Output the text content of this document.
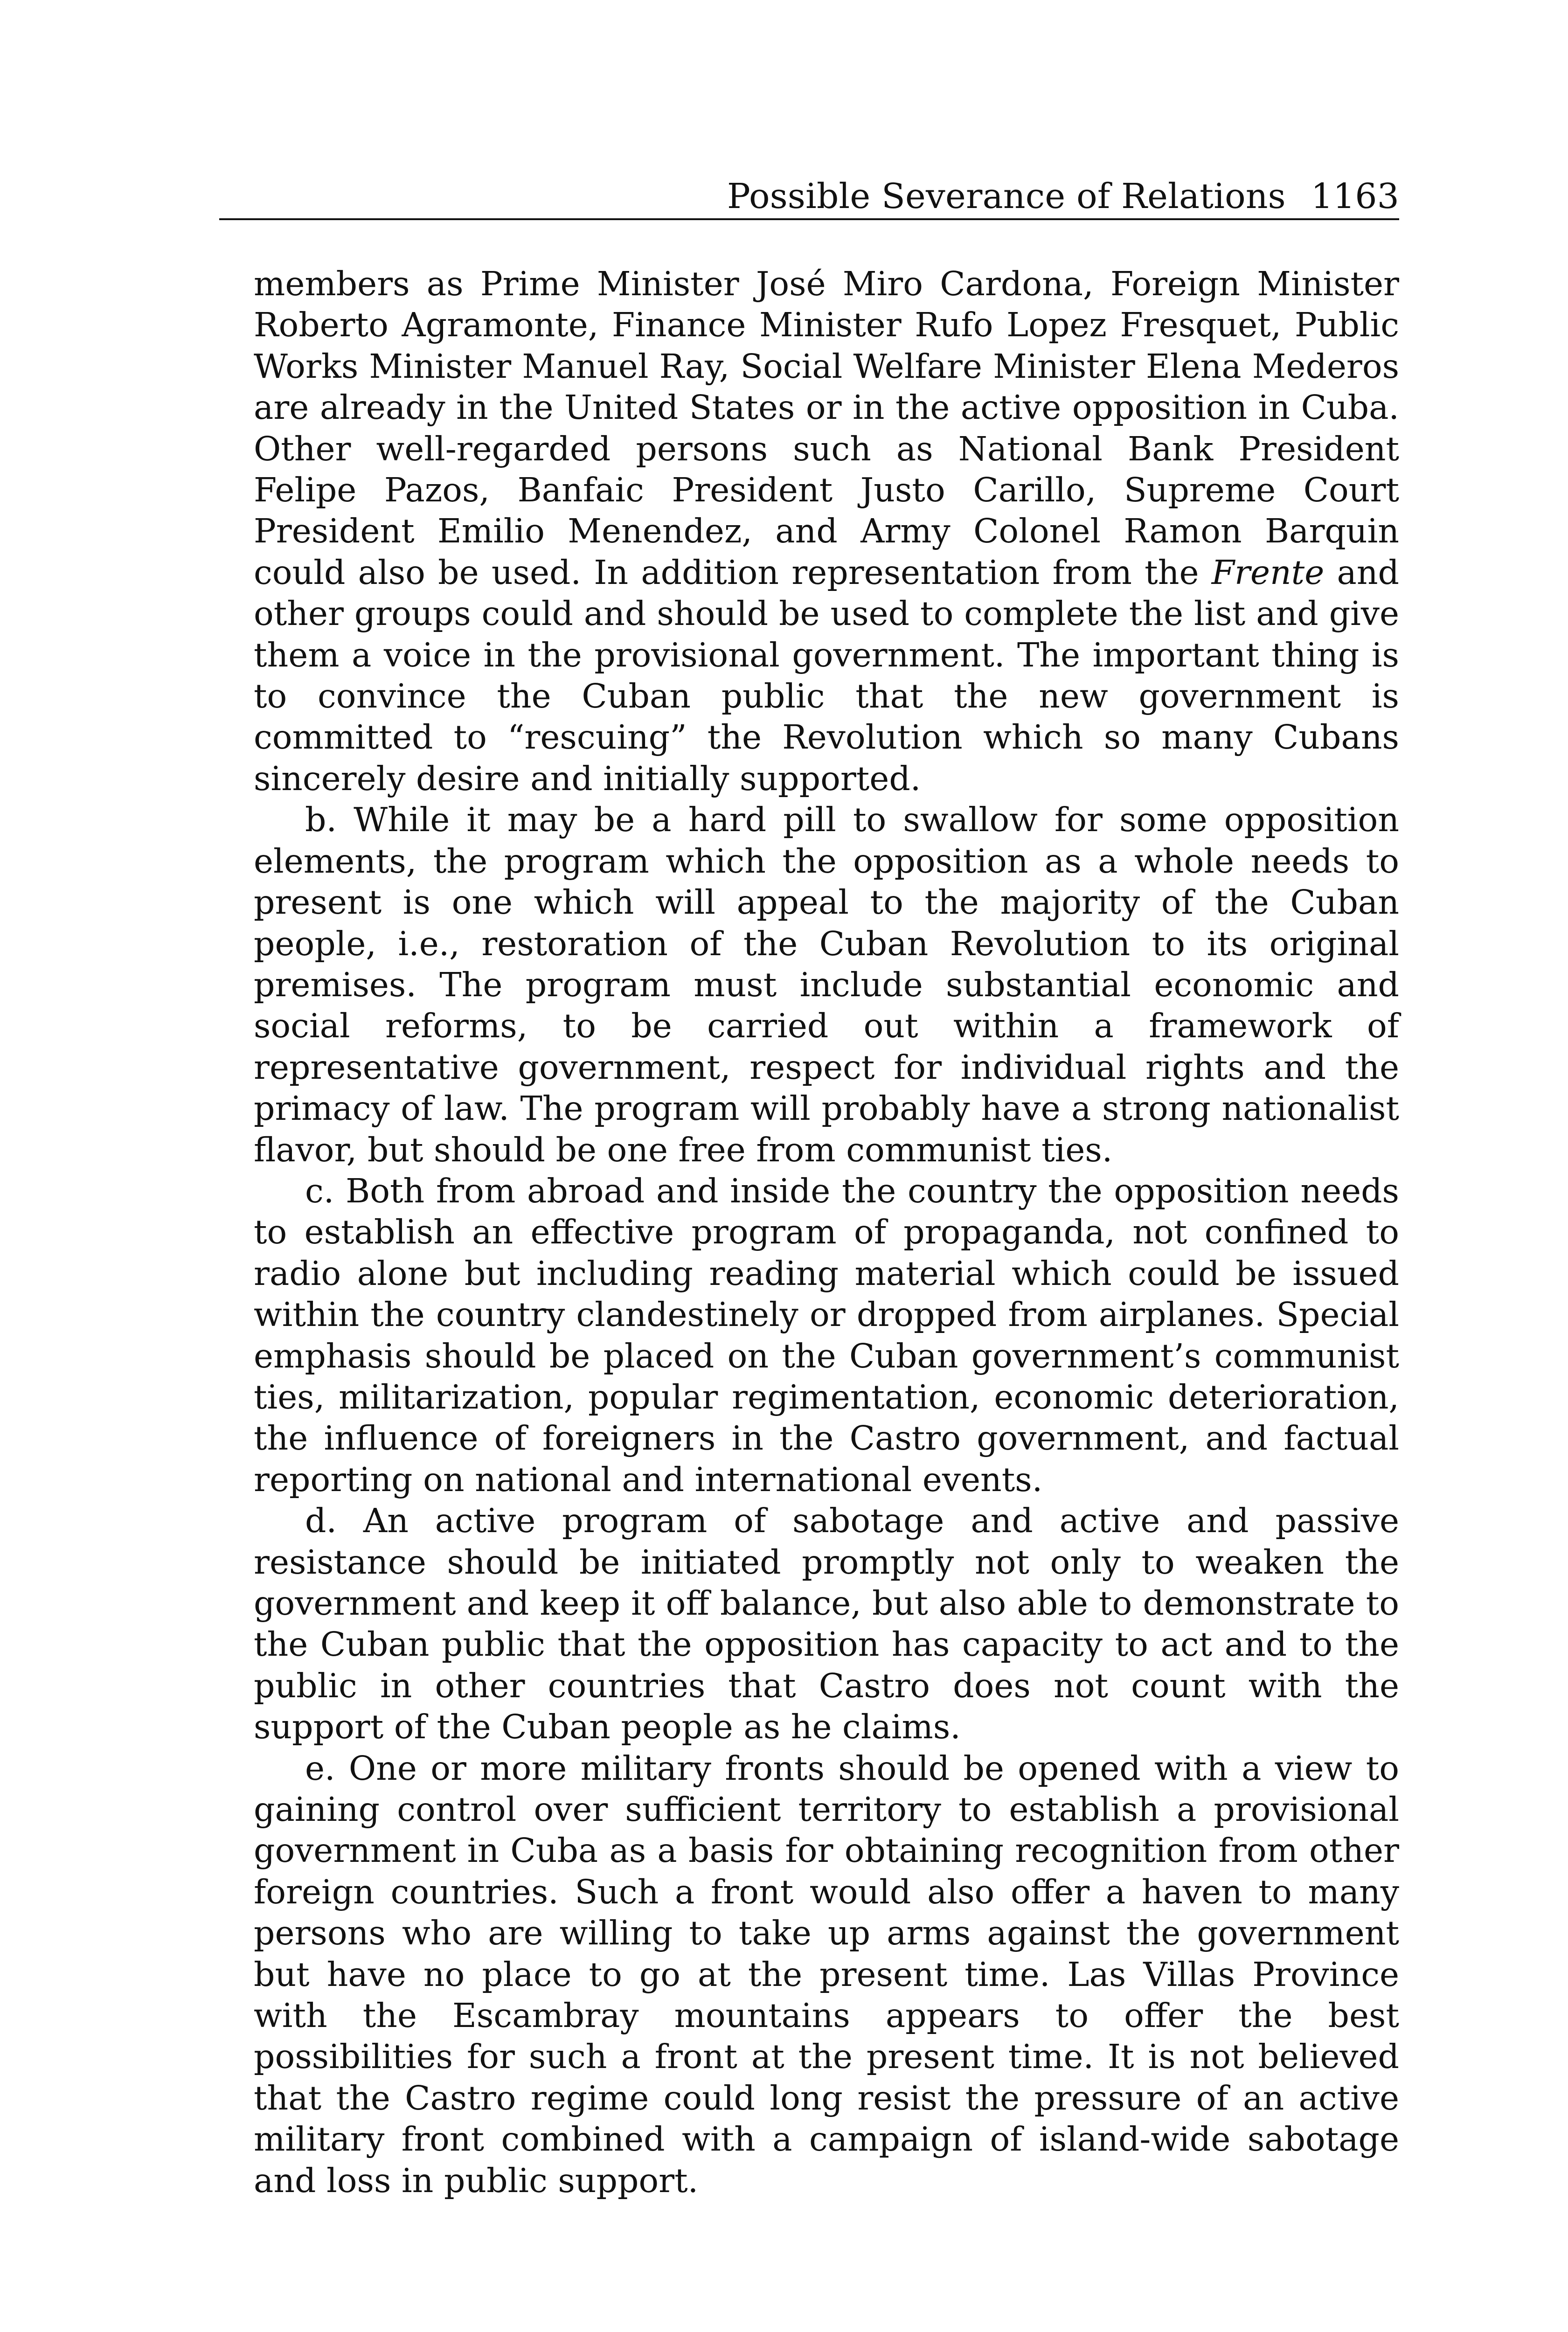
Possible Severance of Relations 1163

members as Prime Minister José Miro Cardona, Foreign Minister Roberto Agramonte, Finance Minister Rufo Lopez Fresquet, Public Works Minister Manuel Ray, Social Welfare Minister Elena Mederos are already in the United States or in the active opposition in Cuba. Other well-regarded persons such as National Bank President Felipe Pazos, Banfaic President Justo Carillo, Supreme Court President Emilio Menendez, and Army Colonel Ramon Barquin could also be used. In addition representation from the Frente and other groups could and should be used to complete the list and give them a voice in the provisional government. The important thing is to convince the Cuban public that the new government is committed to “rescuing” the Revolution which so many Cubans sincerely desire and initially supported.

b. While it may be a hard pill to swallow for some opposition elements, the program which the opposition as a whole needs to present is one which will appeal to the majority of the Cuban people, i.e., restoration of the Cuban Revolution to its original premises. The program must include substantial economic and social reforms, to be carried out within a framework of representative government, respect for individual rights and the primacy of law. The program will probably have a strong nationalist flavor, but should be one free from communist ties.

c. Both from abroad and inside the country the opposition needs to establish an effective program of propaganda, not confined to radio alone but including reading material which could be issued within the country clandestinely or dropped from airplanes. Special emphasis should be placed on the Cuban government’s communist ties, militarization, popular regimentation, economic deterioration, the influence of foreigners in the Castro government, and factual reporting on national and international events.

d. An active program of sabotage and active and passive resistance should be initiated promptly not only to weaken the government and keep it off balance, but also able to demonstrate to the Cuban public that the opposition has capacity to act and to the public in other countries that Castro does not count with the support of the Cuban people as he claims.

e. One or more military fronts should be opened with a view to gaining control over sufficient territory to establish a provisional government in Cuba as a basis for obtaining recognition from other foreign countries. Such a front would also offer a haven to many persons who are willing to take up arms against the government but have no place to go at the present time. Las Villas Province with the Escambray mountains appears to offer the best possibilities for such a front at the present time. It is not believed that the Castro regime could long resist the pressure of an active military front combined with a campaign of island-wide sabotage and loss in public support.
